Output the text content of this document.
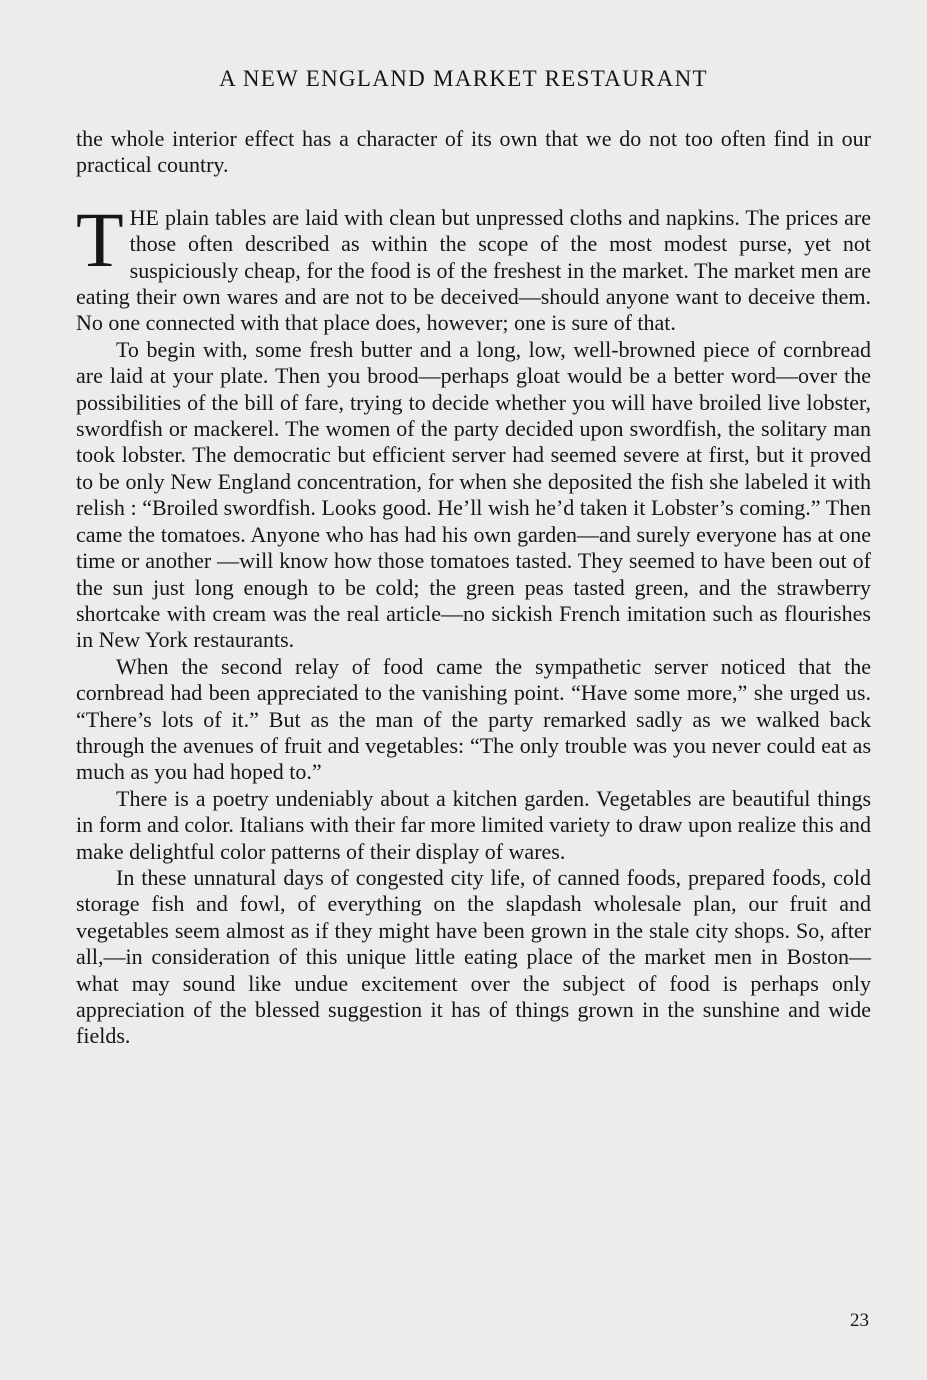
A NEW ENGLAND MARKET RESTAURANT

the whole interior effect has a character of its own that we do not too often find in our practical country.

THE plain tables are laid with clean but unpressed cloths and napkins. The prices are those often described as within the scope of the most modest purse, yet not suspiciously cheap, for the food is of the freshest in the market. The market men are eating their own wares and are not to be deceived—should anyone want to deceive them. No one connected with that place does, however; one is sure of that.

To begin with, some fresh butter and a long, low, well-browned piece of cornbread are laid at your plate. Then you brood—perhaps gloat would be a better word—over the possibilities of the bill of fare, trying to decide whether you will have broiled live lobster, swordfish or mackerel. The women of the party decided upon swordfish, the solitary man took lobster. The democratic but efficient server had seemed severe at first, but it proved to be only New England concentration, for when she deposited the fish she labeled it with relish : “Broiled swordfish. Looks good. He’ll wish he’d taken it Lobster’s coming.” Then came the tomatoes. Anyone who has had his own garden—and surely everyone has at one time or another —will know how those tomatoes tasted. They seemed to have been out of the sun just long enough to be cold; the green peas tasted green, and the strawberry shortcake with cream was the real article—no sickish French imitation such as flourishes in New York restaurants.

When the second relay of food came the sympathetic server noticed that the cornbread had been appreciated to the vanishing point. “Have some more,” she urged us. “There’s lots of it.” But as the man of the party remarked sadly as we walked back through the avenues of fruit and vegetables: “The only trouble was you never could eat as much as you had hoped to.”

There is a poetry undeniably about a kitchen garden. Vegetables are beautiful things in form and color. Italians with their far more limited variety to draw upon realize this and make delightful color patterns of their display of wares.

In these unnatural days of congested city life, of canned foods, prepared foods, cold storage fish and fowl, of everything on the slapdash wholesale plan, our fruit and vegetables seem almost as if they might have been grown in the stale city shops. So, after all,—in consideration of this unique little eating place of the market men in Boston—what may sound like undue excitement over the subject of food is perhaps only appreciation of the blessed suggestion it has of things grown in the sunshine and wide fields.

23
